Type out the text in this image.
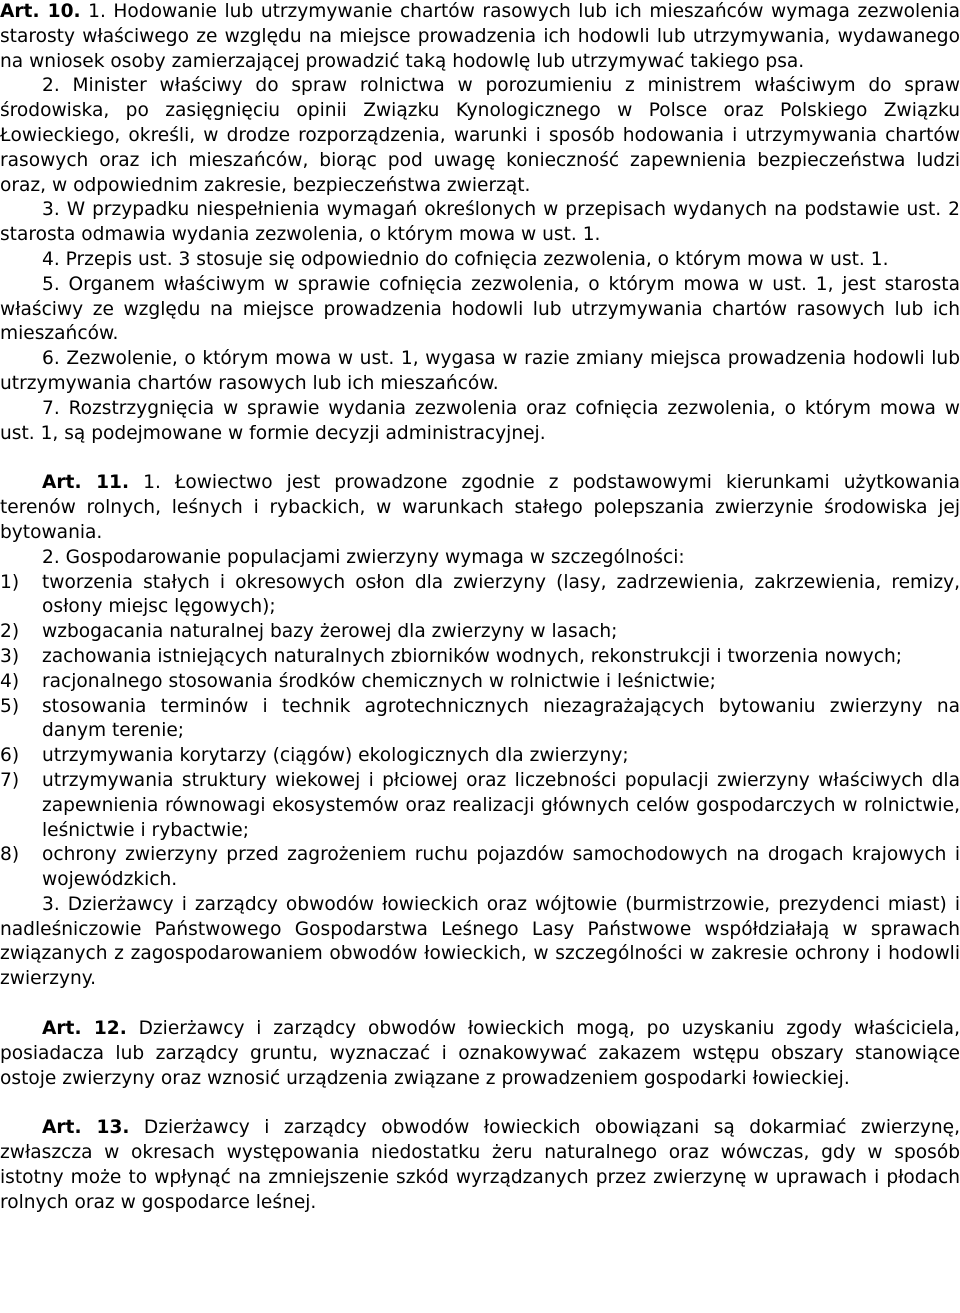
Art. 10. 1. Hodowanie lub utrzymywanie chartów rasowych lub ich mieszańców wymaga zezwolenia starosty właściwego ze względu na miejsce prowadzenia ich hodowli lub utrzymywania, wydawanego na wniosek osoby zamierzającej prowadzić taką hodowlę lub utrzymywać takiego psa.

2. Minister właściwy do spraw rolnictwa w porozumieniu z ministrem właściwym do spraw środowiska, po zasięgnięciu opinii Związku Kynologicznego w Polsce oraz Polskiego Związku Łowieckiego, określi, w drodze rozporządzenia, warunki i sposób hodowania i utrzymywania chartów rasowych oraz ich mieszańców, biorąc pod uwagę konieczność zapewnienia bezpieczeństwa ludzi oraz, w odpowiednim zakresie, bezpieczeństwa zwierząt.

3. W przypadku niespełnienia wymagań określonych w przepisach wydanych na podstawie ust. 2 starosta odmawia wydania zezwolenia, o którym mowa w ust. 1.

4. Przepis ust. 3 stosuje się odpowiednio do cofnięcia zezwolenia, o którym mowa w ust. 1.

5. Organem właściwym w sprawie cofnięcia zezwolenia, o którym mowa w ust. 1, jest starosta właściwy ze względu na miejsce prowadzenia hodowli lub utrzymywania chartów rasowych lub ich mieszańców.

6. Zezwolenie, o którym mowa w ust. 1, wygasa w razie zmiany miejsca prowadzenia hodowli lub utrzymywania chartów rasowych lub ich mieszańców.

7. Rozstrzygnięcia w sprawie wydania zezwolenia oraz cofnięcia zezwolenia, o którym mowa w ust. 1, są podejmowane w formie decyzji administracyjnej.

Art. 11. 1. Łowiectwo jest prowadzone zgodnie z podstawowymi kierunkami użytkowania terenów rolnych, leśnych i rybackich, w warunkach stałego polepszania zwierzynie środowiska jej bytowania.

2. Gospodarowanie populacjami zwierzyny wymaga w szczególności:

1) tworzenia stałych i okresowych osłon dla zwierzyny (lasy, zadrzewienia, zakrzewienia, remizy, osłony miejsc lęgowych);
2) wzbogacania naturalnej bazy żerowej dla zwierzyny w lasach;
3) zachowania istniejących naturalnych zbiorników wodnych, rekonstrukcji i tworzenia nowych;
4) racjonalnego stosowania środków chemicznych w rolnictwie i leśnictwie;
5) stosowania terminów i technik agrotechnicznych niezagrażających bytowaniu zwierzyny na danym terenie;
6) utrzymywania korytarzy (ciągów) ekologicznych dla zwierzyny;
7) utrzymywania struktury wiekowej i płciowej oraz liczebności populacji zwierzyny właściwych dla zapewnienia równowagi ekosystemów oraz realizacji głównych celów gospodarczych w rolnictwie, leśnictwie i rybactwie;
8) ochrony zwierzyny przed zagrożeniem ruchu pojazdów samochodowych na drogach krajowych i wojewódzkich.

3. Dzierżawcy i zarządcy obwodów łowieckich oraz wójtowie (burmistrzowie, prezydenci miast) i nadleśniczowie Państwowego Gospodarstwa Leśnego Lasy Państwowe współdziałają w sprawach związanych z zagospodarowaniem obwodów łowieckich, w szczególności w zakresie ochrony i hodowli zwierzyny.

Art. 12. Dzierżawcy i zarządcy obwodów łowieckich mogą, po uzyskaniu zgody właściciela, posiadacza lub zarządcy gruntu, wyznaczać i oznakowywać zakazem wstępu obszary stanowiące ostoje zwierzyny oraz wznosić urządzenia związane z prowadzeniem gospodarki łowieckiej.

Art. 13. Dzierżawcy i zarządcy obwodów łowieckich obowiązani są dokarmiać zwierzynę, zwłaszcza w okresach występowania niedostatku żeru naturalnego oraz wówczas, gdy w sposób istotny może to wpłynąć na zmniejszenie szkód wyrządzanych przez zwierzynę w uprawach i płodach rolnych oraz w gospodarce leśnej.
